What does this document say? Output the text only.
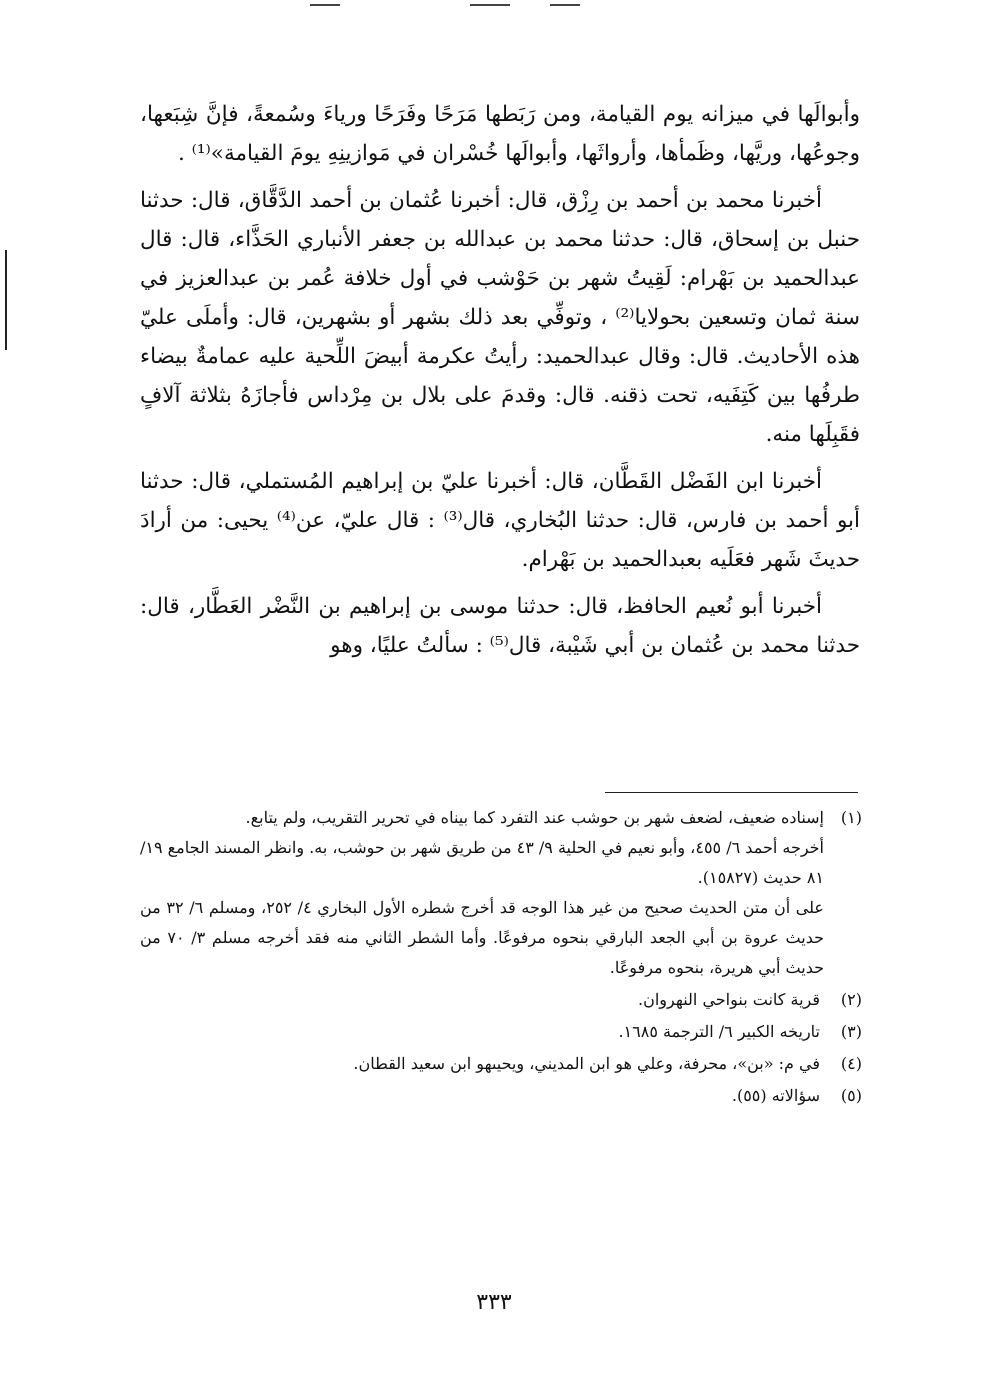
وأبوالَها في ميزانه يوم القيامة، ومن رَبَطها مَرَحًا وفَرَحًا ورياءَ وسُمعةً، فإنَّ شِبَعها، وجوعُها، وريَّها، وظَمأها، وأرواثَها، وأبوالَها خُسْران في مَوازينِهِ يومَ القيامة»⁽¹⁾ .

أخبرنا محمد بن أحمد بن رِزْق، قال: أخبرنا عُثمان بن أحمد الدَّقَّاق، قال: حدثنا حنبل بن إسحاق، قال: حدثنا محمد بن عبدالله بن جعفر الأنباري الحَذَّاء، قال: قال عبدالحميد بن بَهْرام: لَقِيتُ شهر بن حَوْشب في أول خلافة عُمر بن عبدالعزيز في سنة ثمان وتسعين بحولايا⁽²⁾ ، وتوفِّي بعد ذلك بشهر أو بشهرين، قال: وأملَى عليّ هذه الأحاديث. قال: وقال عبدالحميد: رأيتُ عكرمة أبيضَ اللِّحية عليه عمامةٌ بيضاء طرفُها بين كَتِفَيه، تحت ذقنه. قال: وقدمَ على بلال بن مِرْداس فأجازَهُ بثلاثة آلافٍ فقَبِلَها منه.

أخبرنا ابن الفَضْل القَطَّان، قال: أخبرنا عليّ بن إبراهيم المُستملي، قال: حدثنا أبو أحمد بن فارس، قال: حدثنا البُخاري، قال⁽³⁾ : قال عليّ، عن⁽⁴⁾ يحيى: من أرادَ حديثَ شَهر فعَلَيه بعبدالحميد بن بَهْرام.

أخبرنا أبو نُعيم الحافظ، قال: حدثنا موسى بن إبراهيم بن النَّضْر العَطَّار، قال: حدثنا محمد بن عُثمان بن أبي شَيْبة، قال⁽⁵⁾ : سألتُ عليًا، وهو

(١)

إسناده ضعيف، لضعف شهر بن حوشب عند التفرد كما بيناه في تحرير التقريب، ولم يتابع.

أخرجه أحمد ٦/ ٤٥٥، وأبو نعيم في الحلية ٩/ ٤٣ من طريق شهر بن حوشب، به. وانظر المسند الجامع ١٩/ ٨١ حديث (١٥٨٢٧).

على أن متن الحديث صحيح من غير هذا الوجه قد أخرج شطره الأول البخاري ٤/ ٢٥٢، ومسلم ٦/ ٣٢ من حديث عروة بن أبي الجعد البارقي بنحوه مرفوعًا. وأما الشطر الثاني منه فقد أخرجه مسلم ٣/ ٧٠ من حديث أبي هريرة، بنحوه مرفوعًا.

(٢)

قرية كانت بنواحي النهروان.

(٣)

تاريخه الكبير ٦/ الترجمة ١٦٨٥.

(٤)

في م: «بن»، محرفة، وعلي هو ابن المديني، ويحيىهو ابن سعيد القطان.

(٥)

سؤالاته (٥٥).

٣٣٣
